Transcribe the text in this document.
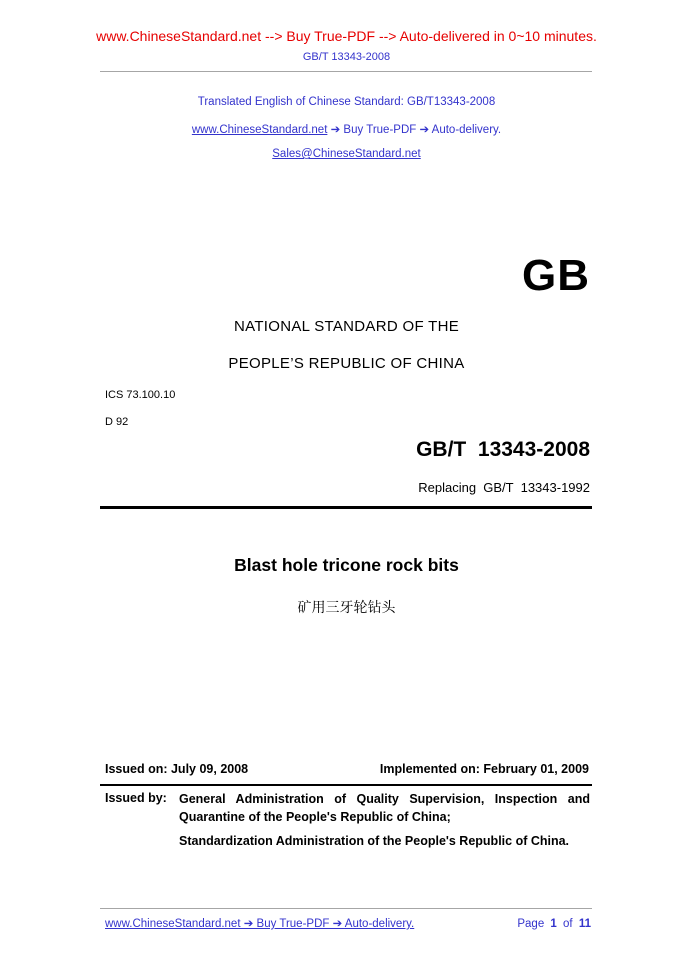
www.ChineseStandard.net --> Buy True-PDF --> Auto-delivered in 0~10 minutes.
GB/T 13343-2008
Translated English of Chinese Standard: GB/T13343-2008
www.ChineseStandard.net ➔ Buy True-PDF ➔ Auto-delivery.
Sales@ChineseStandard.net
GB
NATIONAL STANDARD OF THE
PEOPLE’S REPUBLIC OF CHINA
ICS 73.100.10
D 92
GB/T  13343-2008
Replacing  GB/T  13343-1992
Blast hole tricone rock bits
矿用三牙轮钻头
Issued on: July 09, 2008	Implemented on: February 01, 2009
Issued by: General Administration of Quality Supervision, Inspection and Quarantine of the People's Republic of China;

Standardization Administration of the People's Republic of China.

www.ChineseStandard.net ➔ Buy True-PDF ➔ Auto-delivery.	Page 1 of 11
